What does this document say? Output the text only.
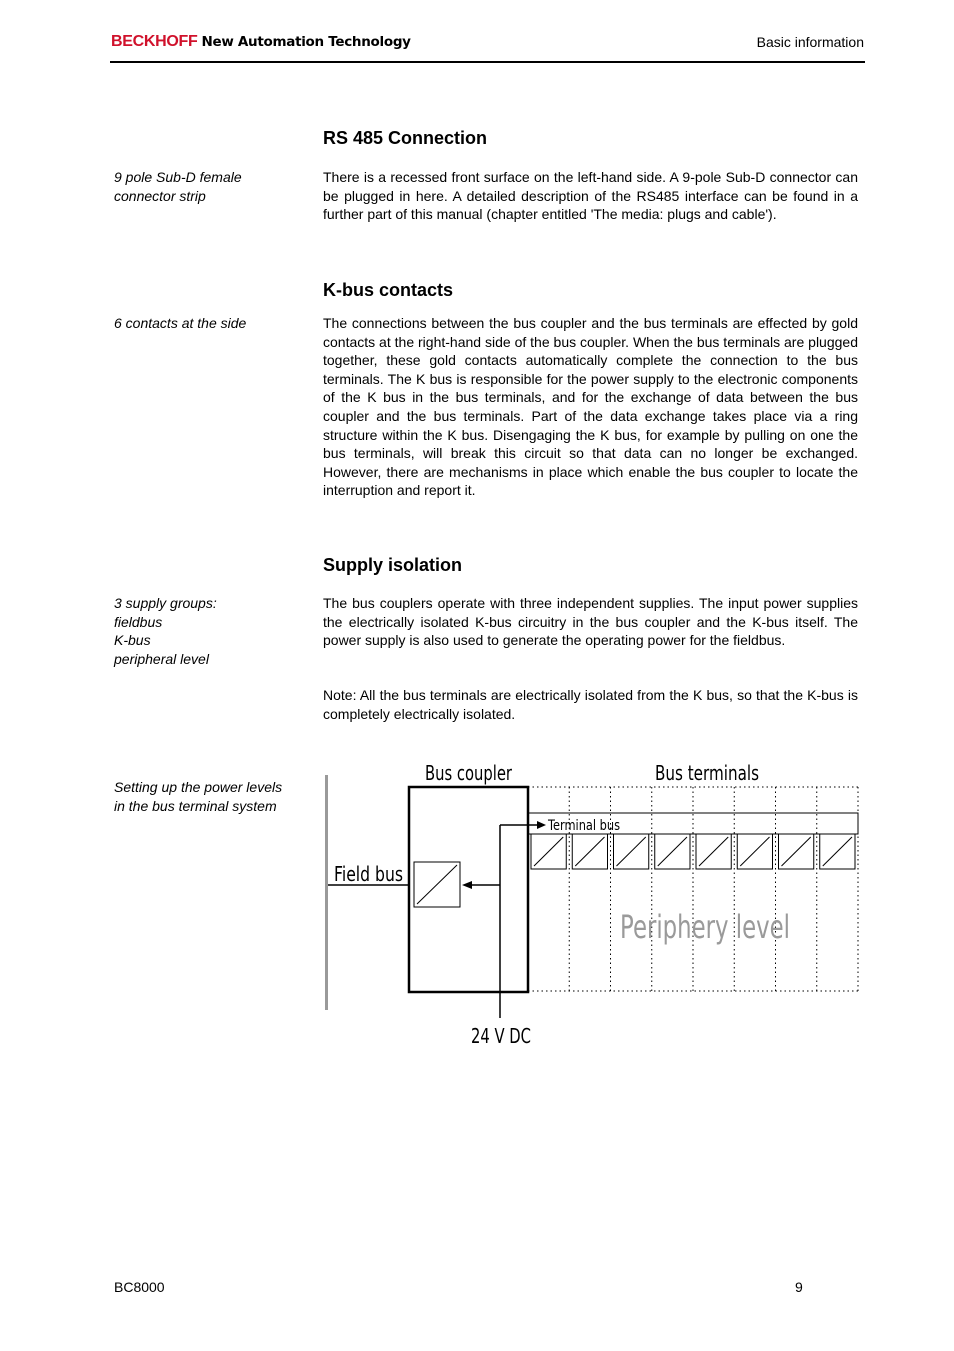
BECKHOFF New Automation Technology	Basic information
RS 485 Connection
9 pole Sub-D female
connector strip

There is a recessed front surface on the left-hand side. A 9-pole Sub-D connector can be plugged in here. A detailed description of the RS485 interface can be found in a further part of this manual (chapter entitled 'The media: plugs and cable').

K-bus contacts
6 contacts at the side	The connections between the bus coupler and the bus terminals are effected by gold contacts at the right-hand side of the bus coupler. When the bus terminals are plugged together, these gold contacts automatically complete the connection to the bus terminals. The K bus is responsible for the power supply to the electronic components of the K bus in the bus terminals, and for the exchange of data between the bus coupler and the bus terminals. Part of the data exchange takes place via a ring structure within the K bus. Disengaging the K bus, for example by pulling on one the bus terminals, will break this circuit so that data can no longer be exchanged. However, there are mechanisms in place which enable the bus coupler to locate the interruption and report it.

Supply isolation
3 supply groups:
fieldbus
K-bus
peripheral level

The bus couplers operate with three independent supplies. The input power supplies the electrically isolated K-bus circuitry in the bus coupler and the K-bus itself. The power supply is also used to generate the operating power for the fieldbus.

Note: All the bus terminals are electrically isolated from the K bus, so that the K-bus is completely electrically isolated.

Setting up the power levels
in the bus terminal system
Bus coupler	Bus terminals
Terminal bus
Field bus
Periphery level
24 V DC
BC8000	9
